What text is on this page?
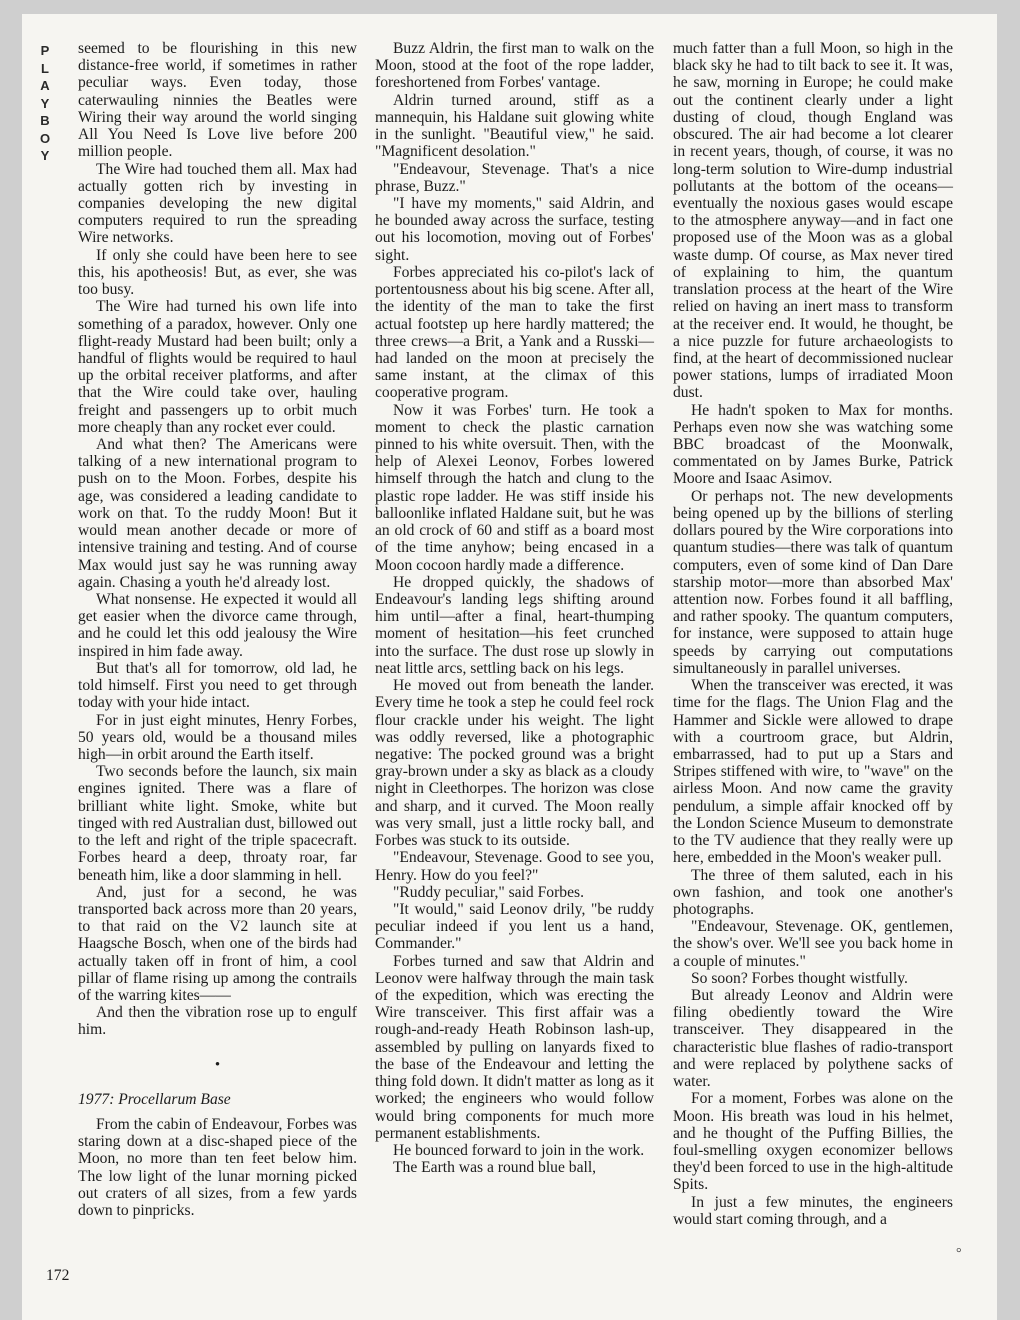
P
L
A
Y
B
O
Y

seemed to be flourishing in this new distance-free world, if sometimes in rather peculiar ways. Even today, those caterwauling ninnies the Beatles were Wiring their way around the world singing All You Need Is Love live before 200 million people.

The Wire had touched them all. Max had actually gotten rich by investing in companies developing the new digital computers required to run the spreading Wire networks.

If only she could have been here to see this, his apotheosis! But, as ever, she was too busy.

The Wire had turned his own life into something of a paradox, however. Only one flight-ready Mustard had been built; only a handful of flights would be required to haul up the orbital receiver platforms, and after that the Wire could take over, hauling freight and passengers up to orbit much more cheaply than any rocket ever could.

And what then? The Americans were talking of a new international program to push on to the Moon. Forbes, despite his age, was considered a leading candidate to work on that. To the ruddy Moon! But it would mean another decade or more of intensive training and testing. And of course Max would just say he was running away again. Chasing a youth he'd already lost.

What nonsense. He expected it would all get easier when the divorce came through, and he could let this odd jealousy the Wire inspired in him fade away.

But that's all for tomorrow, old lad, he told himself. First you need to get through today with your hide intact.

For in just eight minutes, Henry Forbes, 50 years old, would be a thousand miles high—in orbit around the Earth itself.

Two seconds before the launch, six main engines ignited. There was a flare of brilliant white light. Smoke, white but tinged with red Australian dust, billowed out to the left and right of the triple spacecraft. Forbes heard a deep, throaty roar, far beneath him, like a door slamming in hell.

And, just for a second, he was transported back across more than 20 years, to that raid on the V2 launch site at Haagsche Bosch, when one of the birds had actually taken off in front of him, a cool pillar of flame rising up among the contrails of the warring kites——

And then the vibration rose up to engulf him.

•

1977: Procellarum Base

From the cabin of Endeavour, Forbes was staring down at a disc-shaped piece of the Moon, no more than ten feet below him. The low light of the lunar morning picked out craters of all sizes, from a few yards down to pinpricks.

Buzz Aldrin, the first man to walk on the Moon, stood at the foot of the rope ladder, foreshortened from Forbes' vantage.

Aldrin turned around, stiff as a mannequin, his Haldane suit glowing white in the sunlight. "Beautiful view," he said. "Magnificent desolation."

"Endeavour, Stevenage. That's a nice phrase, Buzz."

"I have my moments," said Aldrin, and he bounded away across the surface, testing out his locomotion, moving out of Forbes' sight.

Forbes appreciated his co-pilot's lack of portentousness about his big scene. After all, the identity of the man to take the first actual footstep up here hardly mattered; the three crews—a Brit, a Yank and a Russki—had landed on the moon at precisely the same instant, at the climax of this cooperative program.

Now it was Forbes' turn. He took a moment to check the plastic carnation pinned to his white oversuit. Then, with the help of Alexei Leonov, Forbes lowered himself through the hatch and clung to the plastic rope ladder. He was stiff inside his balloonlike inflated Haldane suit, but he was an old crock of 60 and stiff as a board most of the time anyhow; being encased in a Moon cocoon hardly made a difference.

He dropped quickly, the shadows of Endeavour's landing legs shifting around him until—after a final, heart-thumping moment of hesitation—his feet crunched into the surface. The dust rose up slowly in neat little arcs, settling back on his legs.

He moved out from beneath the lander. Every time he took a step he could feel rock flour crackle under his weight. The light was oddly reversed, like a photographic negative: The pocked ground was a bright gray-brown under a sky as black as a cloudy night in Cleethorpes. The horizon was close and sharp, and it curved. The Moon really was very small, just a little rocky ball, and Forbes was stuck to its outside.

"Endeavour, Stevenage. Good to see you, Henry. How do you feel?"

"Ruddy peculiar," said Forbes.

"It would," said Leonov drily, "be ruddy peculiar indeed if you lent us a hand, Commander."

Forbes turned and saw that Aldrin and Leonov were halfway through the main task of the expedition, which was erecting the Wire transceiver. This first affair was a rough-and-ready Heath Robinson lash-up, assembled by pulling on lanyards fixed to the base of the Endeavour and letting the thing fold down. It didn't matter as long as it worked; the engineers who would follow would bring components for much more permanent establishments.

He bounced forward to join in the work.

The Earth was a round blue ball,

much fatter than a full Moon, so high in the black sky he had to tilt back to see it. It was, he saw, morning in Europe; he could make out the continent clearly under a light dusting of cloud, though England was obscured. The air had become a lot clearer in recent years, though, of course, it was no long-term solution to Wire-dump industrial pollutants at the bottom of the oceans—eventually the noxious gases would escape to the atmosphere anyway—and in fact one proposed use of the Moon was as a global waste dump. Of course, as Max never tired of explaining to him, the quantum translation process at the heart of the Wire relied on having an inert mass to transform at the receiver end. It would, he thought, be a nice puzzle for future archaeologists to find, at the heart of decommissioned nuclear power stations, lumps of irradiated Moon dust.

He hadn't spoken to Max for months. Perhaps even now she was watching some BBC broadcast of the Moonwalk, commentated on by James Burke, Patrick Moore and Isaac Asimov.

Or perhaps not. The new developments being opened up by the billions of sterling dollars poured by the Wire corporations into quantum studies—there was talk of quantum computers, even of some kind of Dan Dare starship motor—more than absorbed Max' attention now. Forbes found it all baffling, and rather spooky. The quantum computers, for instance, were supposed to attain huge speeds by carrying out computations simultaneously in parallel universes.

When the transceiver was erected, it was time for the flags. The Union Flag and the Hammer and Sickle were allowed to drape with a courtroom grace, but Aldrin, embarrassed, had to put up a Stars and Stripes stiffened with wire, to "wave" on the airless Moon. And now came the gravity pendulum, a simple affair knocked off by the London Science Museum to demonstrate to the TV audience that they really were up here, embedded in the Moon's weaker pull.

The three of them saluted, each in his own fashion, and took one another's photographs.

"Endeavour, Stevenage. OK, gentlemen, the show's over. We'll see you back home in a couple of minutes."

So soon? Forbes thought wistfully.

But already Leonov and Aldrin were filing obediently toward the Wire transceiver. They disappeared in the characteristic blue flashes of radio-transport and were replaced by polythene sacks of water.

For a moment, Forbes was alone on the Moon. His breath was loud in his helmet, and he thought of the Puffing Billies, the foul-smelling oxygen economizer bellows they'd been forced to use in the high-altitude Spits.

In just a few minutes, the engineers would start coming through, and a

172
°
